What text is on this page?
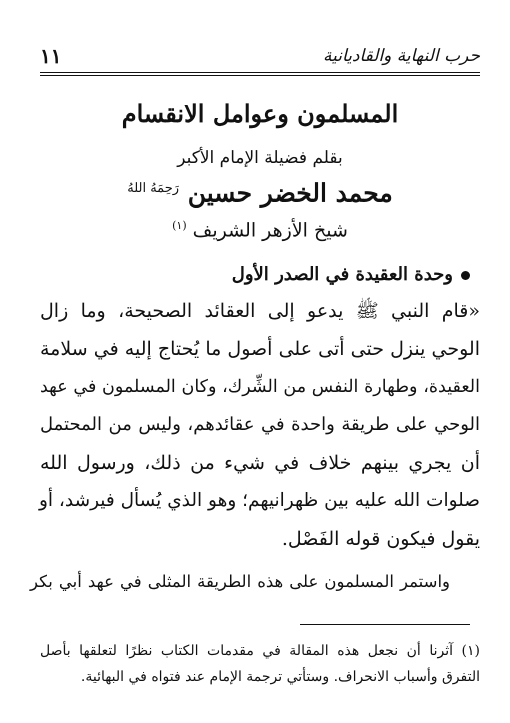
حرب النهاية والقاديانية
١١
المسلمون وعوامل الانقسام
بقلم فضيلة الإمام الأكبر
محمد الخضر حسين $^{رَحِمَهُ اللهُ}$
شيخ الأزهر الشريف $^{(١)}$
وحدة العقيدة في الصدر الأول
«قام النبي ﷺ يدعو إلى العقائد الصحيحة، وما زال
الوحي ينزل حتى أتى على أصول ما يُحتاج إليه في سلامة
العقيدة، وطهارة النفس من الشِّرك، وكان المسلمون في عهد
الوحي على طريقة واحدة في عقائدهم، وليس من المحتمل
أن يجري بينهم خلاف في شيء من ذلك، ورسول الله
صلوات الله عليه بين ظهرانيهم؛ وهو الذي يُسأل فيرشد، أو
يقول فيكون قوله الفَصْل.
واستمر المسلمون على هذه الطريقة المثلى في عهد أبي بكر
(١) آثرنا أن نجعل هذه المقالة في مقدمات الكتاب نظرًا لتعلقها بأصل
التفرق وأسباب الانحراف. وستأتي ترجمة الإمام عند فتواه في البهائية.
